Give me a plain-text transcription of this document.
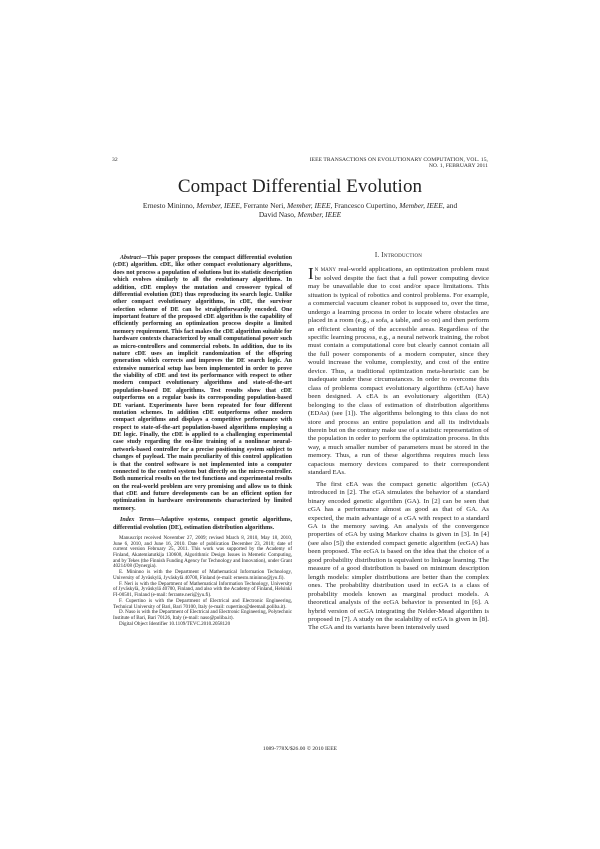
32	IEEE TRANSACTIONS ON EVOLUTIONARY COMPUTATION, VOL. 15, NO. 1, FEBRUARY 2011
Compact Differential Evolution
Ernesto Mininno, Member, IEEE, Ferrante Neri, Member, IEEE, Francesco Cupertino, Member, IEEE, and
David Naso, Member, IEEE

Abstract—This paper proposes the compact differential evolution (cDE) algorithm. cDE, like other compact evolutionary algorithms, does not process a population of solutions but its statistic description which evolves similarly to all the evolutionary algorithms. In addition, cDE employs the mutation and crossover typical of differential evolution (DE) thus reproducing its search logic. Unlike other compact evolutionary algorithms, in cDE, the survivor selection scheme of DE can be straightforwardly encoded. One important feature of the proposed cDE algorithm is the capability of efficiently performing an optimization process despite a limited memory requirement. This fact makes the cDE algorithm suitable for hardware contexts characterized by small computational power such as micro-controllers and commercial robots. In addition, due to its nature cDE uses an implicit randomization of the offspring generation which corrects and improves the DE search logic. An extensive numerical setup has been implemented in order to prove the viability of cDE and test its performance with respect to other modern compact evolutionary algorithms and state-of-the-art population-based DE algorithms. Test results show that cDE outperforms on a regular basis its corresponding population-based DE variant. Experiments have been repeated for four different mutation schemes. In addition cDE outperforms other modern compact algorithms and displays a competitive performance with respect to state-of-the-art population-based algorithms employing a DE logic. Finally, the cDE is applied to a challenging experimental case study regarding the on-line training of a nonlinear neural-network-based controller for a precise positioning system subject to changes of payload. The main peculiarity of this control application is that the control software is not implemented into a computer connected to the control system but directly on the micro-controller. Both numerical results on the test functions and experimental results on the real-world problem are very promising and allow us to think that cDE and future developments can be an efficient option for optimization in hardware environments characterized by limited memory.

Index Terms—Adaptive systems, compact genetic algorithms, differential evolution (DE), estimation distribution algorithms.

Manuscript received November 27, 2009; revised March 8, 2010, May 18, 2010, June 6, 2010, and June 16, 2010. Date of publication December 23, 2010; date of current version February 25, 2011. This work was supported by the Academy of Finland, Akatemiatutkija 130600, Algorithmic Design Issues in Memetic Computing, and by Tekes (the Finnish Funding Agency for Technology and Innovation), under Grant 40214/08 (Dynergia).

E. Mininno is with the Department of Mathematical Information Technology, University of Jyväskylä, Jyväskylä 40700, Finland (e-mail: ernesto.mininno@jyu.fi).

F. Neri is with the Department of Mathematical Information Technology, University of Jyväskylä, Jyväskylä 40700, Finland, and also with the Academy of Finland, Helsinki FI-00501, Finland (e-mail: ferrante.neri@jyu.fi).

F. Cupertino is with the Department of Electrical and Electronic Engineering, Technical University of Bari, Bari 70100, Italy (e-mail: cupertino@deemail.poliba.it).

D. Naso is with the Department of Electrical and Electronic Engineering, Polytechnic Institute of Bari, Bari 70126, Italy (e-mail: naso@poliba.it).

Digital Object Identifier 10.1109/TEVC.2010.2058120

I. Introduction

In many real-world applications, an optimization problem must be solved despite the fact that a full power computing device may be unavailable due to cost and/or space limitations. This situation is typical of robotics and control problems. For example, a commercial vacuum cleaner robot is supposed to, over the time, undergo a learning process in order to locate where obstacles are placed in a room (e.g., a sofa, a table, and so on) and then perform an efficient cleaning of the accessible areas. Regardless of the specific learning process, e.g., a neural network training, the robot must contain a computational core but clearly cannot contain all the full power components of a modern computer, since they would increase the volume, complexity, and cost of the entire device. Thus, a traditional optimization meta-heuristic can be inadequate under these circumstances. In order to overcome this class of problems compact evolutionary algorithms (cEAs) have been designed. A cEA is an evolutionary algorithm (EA) belonging to the class of estimation of distribution algorithms (EDAs) (see [1]). The algorithms belonging to this class do not store and process an entire population and all its individuals therein but on the contrary make use of a statistic representation of the population in order to perform the optimization process. In this way, a much smaller number of parameters must be stored in the memory. Thus, a run of these algorithms requires much less capacious memory devices compared to their correspondent standard EAs.

The first cEA was the compact genetic algorithm (cGA) introduced in [2]. The cGA simulates the behavior of a standard binary encoded genetic algorithm (GA). In [2] can be seen that cGA has a performance almost as good as that of GA. As expected, the main advantage of a cGA with respect to a standard GA is the memory saving. An analysis of the convergence properties of cGA by using Markov chains is given in [3]. In [4] (see also [5]) the extended compact genetic algorithm (ecGA) has been proposed. The ecGA is based on the idea that the choice of a good probability distribution is equivalent to linkage learning. The measure of a good distribution is based on minimum description length models: simpler distributions are better than the complex ones. The probability distribution used in ecGA is a class of probability models known as marginal product models. A theoretical analysis of the ecGA behavior is presented in [6]. A hybrid version of ecGA integrating the Nelder-Mead algorithm is proposed in [7]. A study on the scalability of ecGA is given in [8]. The cGA and its variants have been intensively used

1089-778X/$26.00 © 2010 IEEE
